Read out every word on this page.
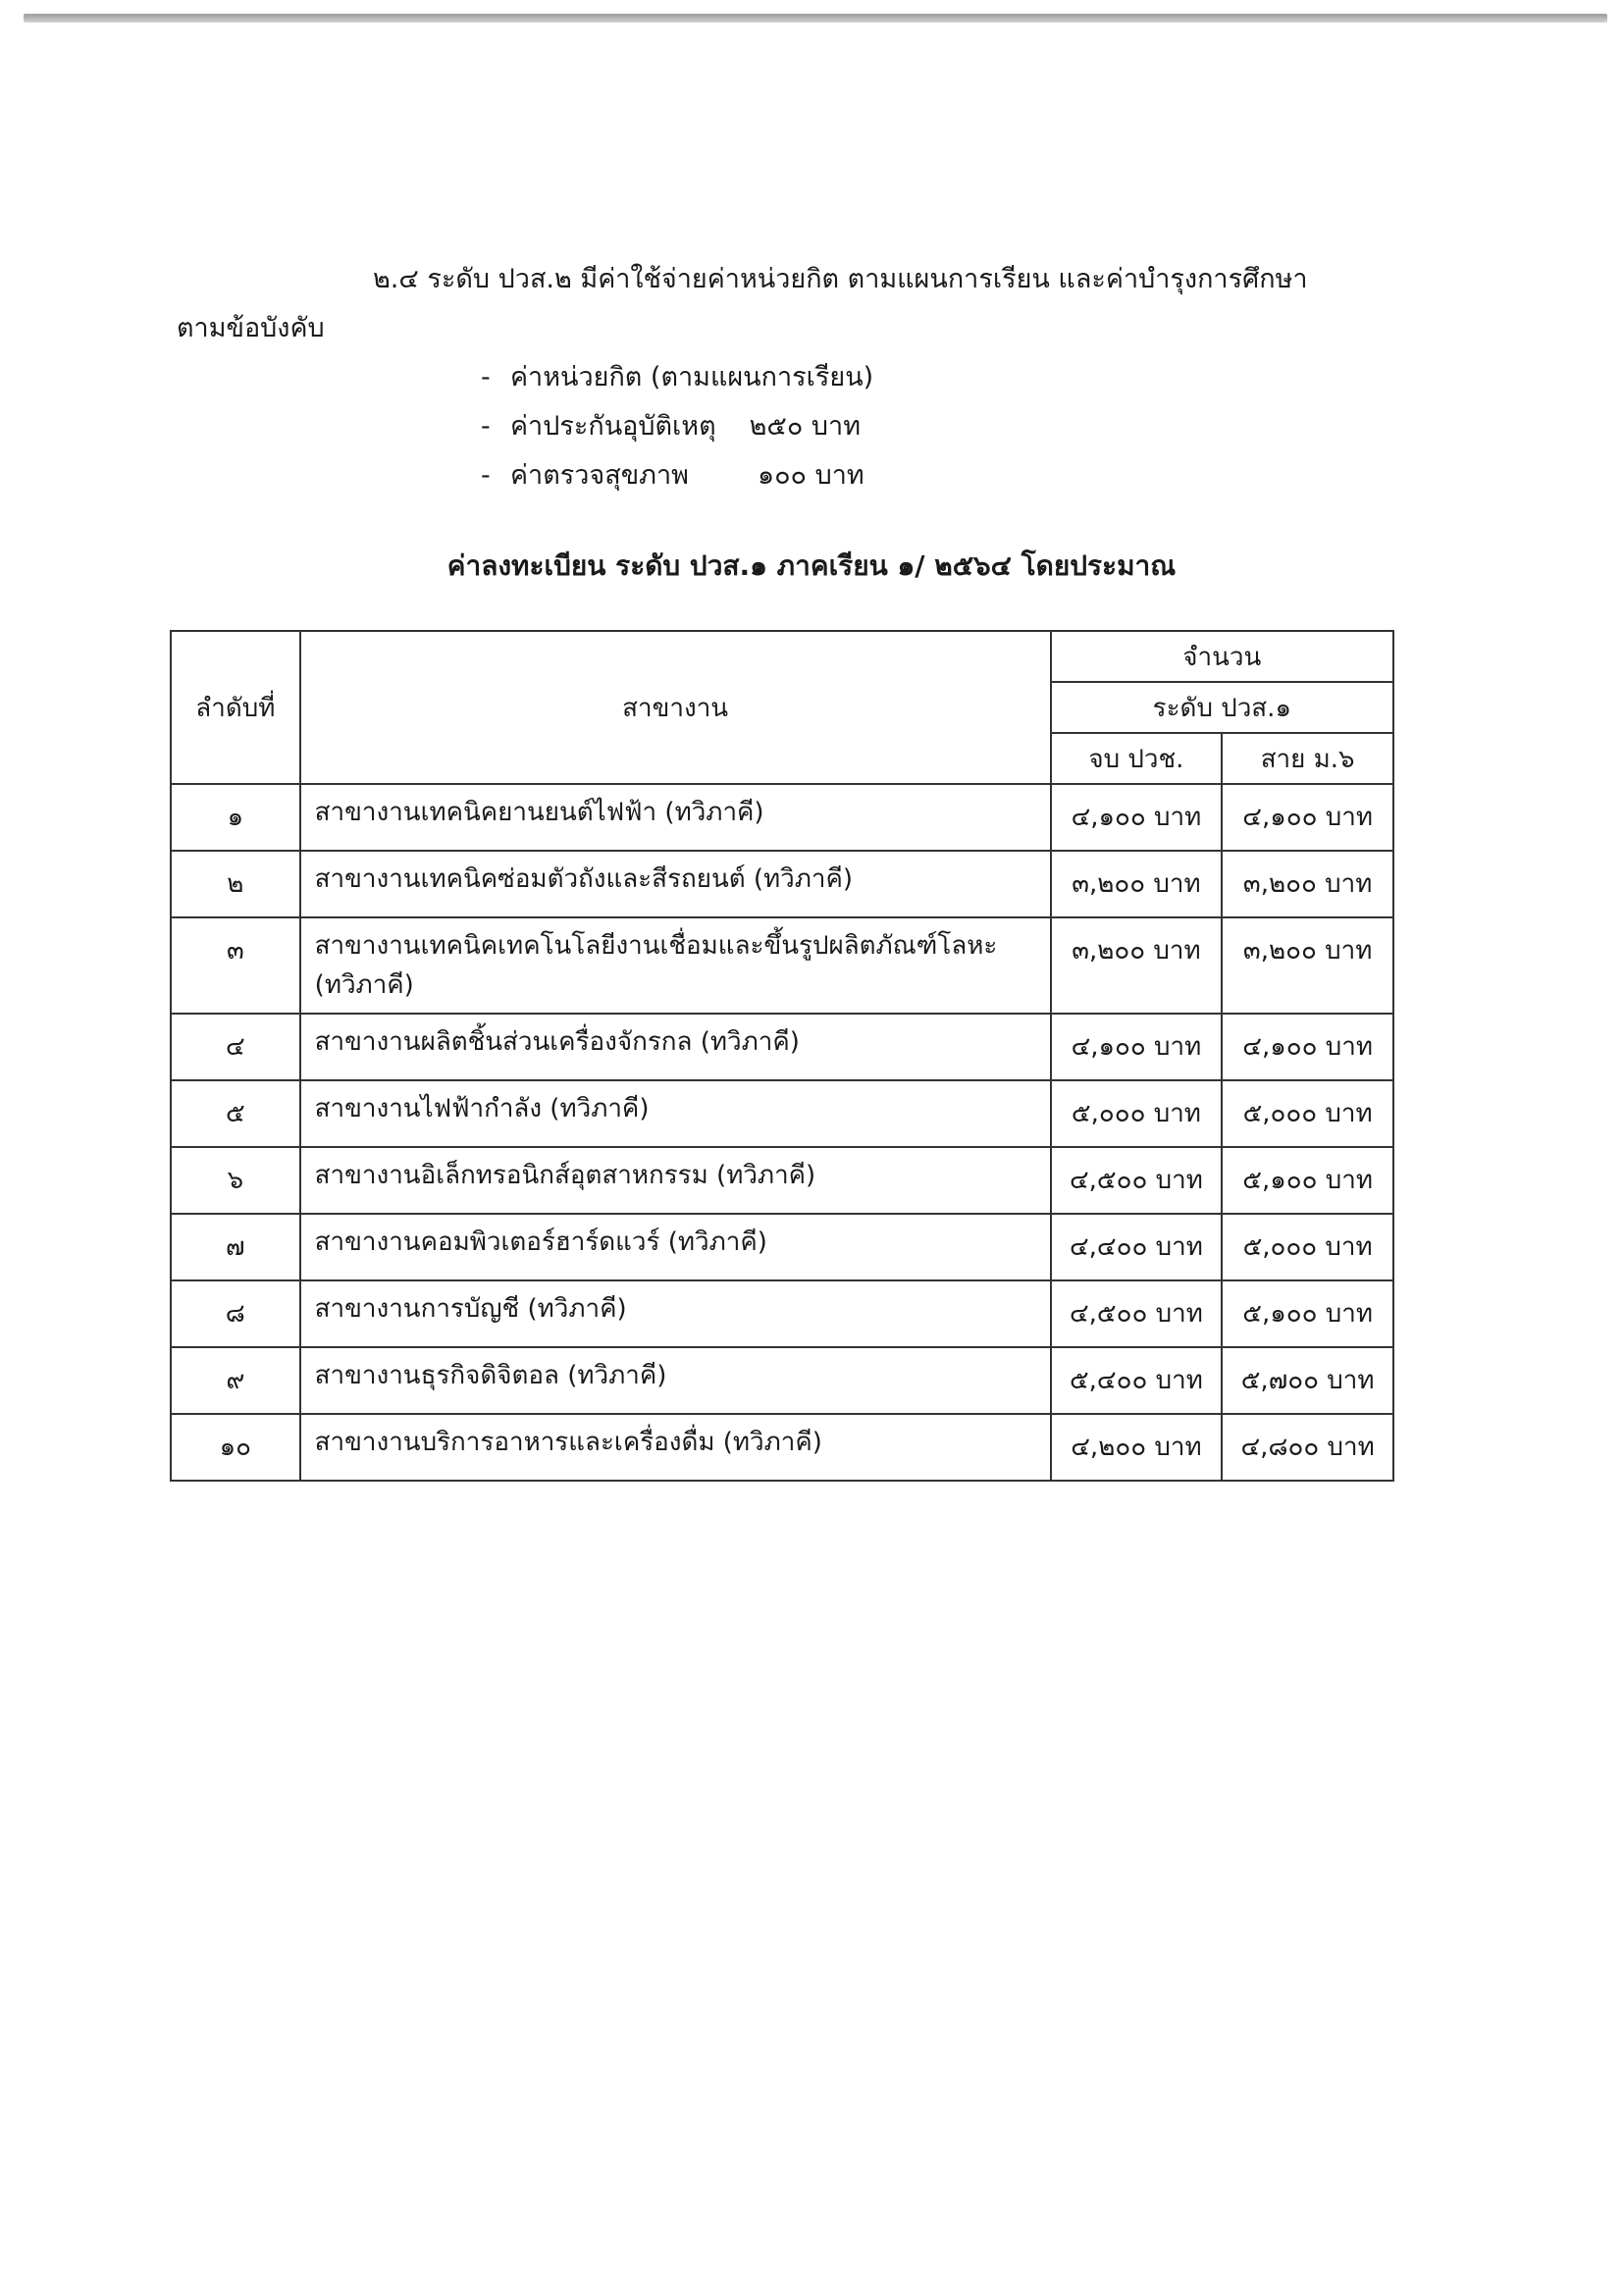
๒.๔ ระดับ ปวส.๒ มีค่าใช้จ่ายค่าหน่วยกิต ตามแผนการเรียน และค่าบำรุงการศึกษา
ตามข้อบังคับ
- ค่าหน่วยกิต (ตามแผนการเรียน)
- ค่าประกันอุบัติเหตุ ๒๕๐ บาท
- ค่าตรวจสุขภาพ	๑๐๐ บาท
ค่าลงทะเบียน ระดับ ปวส.๑ ภาคเรียน ๑/ ๒๕๖๔ โดยประมาณ
ลำดับที่	สาขางาน	จำนวน	
		ระดับ ปวส.๑	
		จบ ปวช.	สาย ม.๖
๑	สาขางานเทคนิคยานยนต์ไฟฟ้า (ทวิภาคี)	๔,๑๐๐ บาท	๔,๑๐๐ บาท
๒	สาขางานเทคนิคซ่อมตัวถังและสีรถยนต์ (ทวิภาคี)	๓,๒๐๐ บาท	๓,๒๐๐ บาท
๓	สาขางานเทคนิคเทคโนโลยีงานเชื่อมและขึ้นรูปผลิตภัณฑ์โลหะ (ทวิภาคี)	๓,๒๐๐ บาท	๓,๒๐๐ บาท
๔	สาขางานผลิตชิ้นส่วนเครื่องจักรกล (ทวิภาคี)	๔,๑๐๐ บาท	๔,๑๐๐ บาท
๕	สาขางานไฟฟ้ากำลัง (ทวิภาคี)	๕,๐๐๐ บาท	๕,๐๐๐ บาท
๖	สาขางานอิเล็กทรอนิกส์อุตสาหกรรม (ทวิภาคี)	๔,๕๐๐ บาท	๕,๑๐๐ บาท
๗	สาขางานคอมพิวเตอร์ฮาร์ดแวร์ (ทวิภาคี)	๔,๔๐๐ บาท	๕,๐๐๐ บาท
๘	สาขางานการบัญชี (ทวิภาคี)	๔,๕๐๐ บาท	๕,๑๐๐ บาท
๙	สาขางานธุรกิจดิจิตอล (ทวิภาคี)	๕,๔๐๐ บาท	๕,๗๐๐ บาท
๑๐	สาขางานบริการอาหารและเครื่องดื่ม (ทวิภาคี)	๔,๒๐๐ บาท	๔,๘๐๐ บาท
